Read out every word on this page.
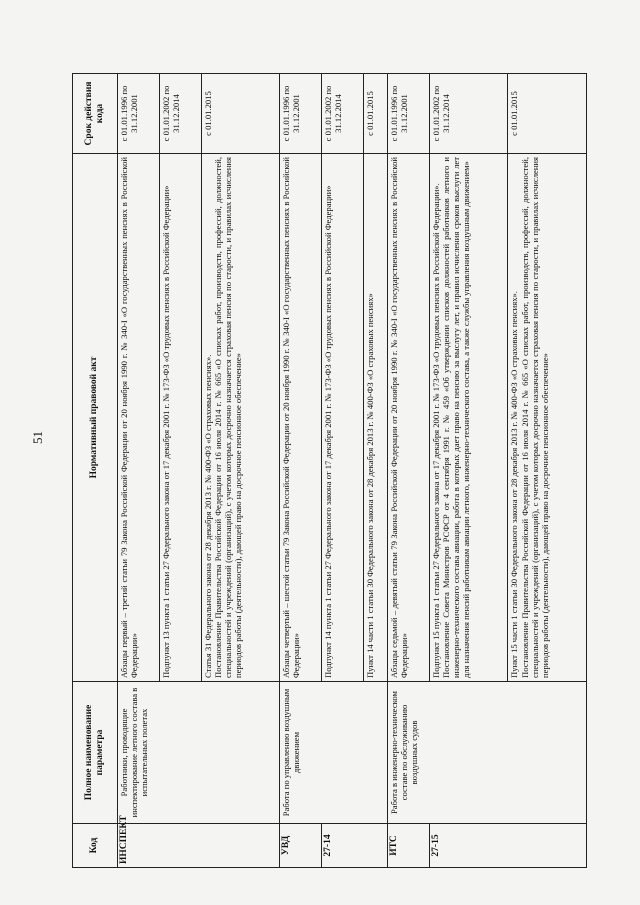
51
Код	Полное наименование параметра	Нормативный правовой акт	Срок действия кода
ИНСПЕКТ	Работники, проводящие инспектирование летного состава в испытательных полетах	Абзацы первый – третий статьи 79 Закона Российской Федерации от 20 ноября 1990 г. № 340-I «О государственных пенсиях в Российской Федерации»	с 01.01.1996 по 31.12.2001
		Подпункт 13 пункта 1 статьи 27 Федерального закона от 17 декабря 2001 г. № 173-ФЗ «О трудовых пенсиях в Российской Федерации»	с 01.01.2002 по 31.12.2014

		Статья 31 Федерального закона от 28 декабря 2013 г. № 400-ФЗ «О страховых пенсиях». Постановление Правительства Российской Федерации от 16 июля 2014 г. № 665 «О списках работ, производств, профессий, должностей, специальностей и учреждений (организаций), с учетом которых досрочно назначается страховая пенсия по старости, и правилах исчисления периодов работы (деятельности), дающей право на досрочное пенсионное обеспечение»	с 01.01.2015
УВД	Работа по управлению воздушным движением	Абзацы четвертый – шестой статьи 79 Закона Российской Федерации от 20 ноября 1990 г. № 340-I «О государственных пенсиях в Российской Федерации»	с 01.01.1996 по 31.12.2001
27-14		Подпункт 14 пункта 1 статьи 27 Федерального закона от 17 декабря 2001 г. № 173-ФЗ «О трудовых пенсиях в Российской Федерации»	с 01.01.2002 по 31.12.2014
		Пункт 14 части 1 статьи 30 Федерального закона от 28 декабря 2013 г. № 400-ФЗ «О страховых пенсиях»	с 01.01.2015
ИТС	Работа в инженерно-техническом составе по обслуживанию воздушных судов	Абзацы седьмой – девятый статьи 79 Закона Российской Федерации от 20 ноября 1990 г. № 340-I «О государственных пенсиях в Российской Федерации»	с 01.01.1996 по 31.12.2001
27-15		Подпункт 15 пункта 1 статьи 27 Федерального закона от 17 декабря 2001 г. № 173-ФЗ «О трудовых пенсиях в Российской Федерации». Постановление Совета Министров РСФСР от 4 сентября 1991 г. № 459 «Об утверждении списков должностей работников летного и инженерно-технического состава авиации, работа в которых дает право на пенсию за выслугу лет, и правил исчисления сроков выслуги лет для назначения пенсий работникам авиации летного, инженерно-технического состава, а также службы управления воздушным движением»	с 01.01.2002 по 31.12.2014

		Пункт 15 части 1 статьи 30 Федерального закона от 28 декабря 2013 г. № 400-ФЗ «О страховых пенсиях». Постановление Правительства Российской Федерации от 16 июля 2014 г. № 665 «О списках работ, производств, профессий, должностей, специальностей и учреждений (организаций), с учетом которых досрочно назначается страховая пенсия по старости, и правилах исчисления периодов работы (деятельности), дающей право на досрочное пенсионное обеспечение»	с 01.01.2015
